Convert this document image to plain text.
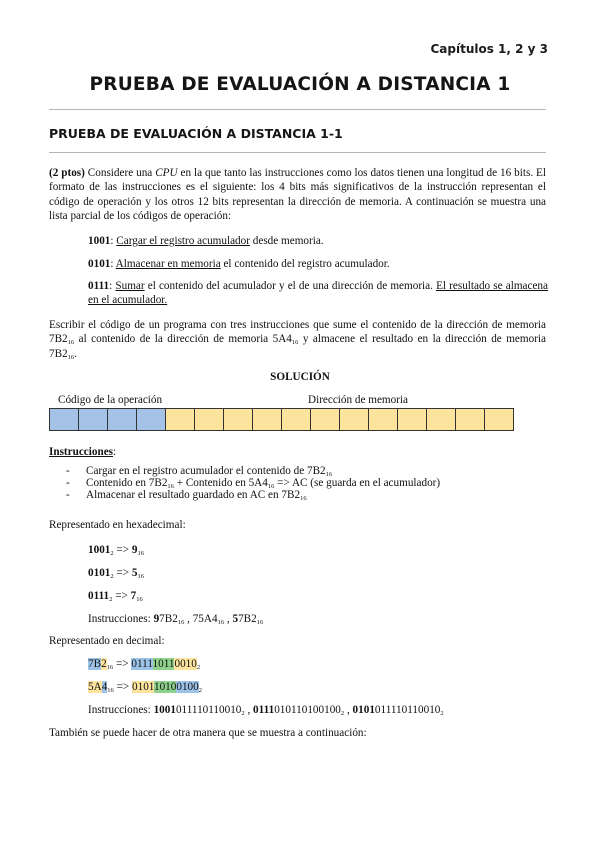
Capítulos 1, 2 y 3
PRUEBA DE EVALUACIÓN A DISTANCIA 1
PRUEBA DE EVALUACIÓN A DISTANCIA 1-1
(2 ptos) Considere una CPU en la que tanto las instrucciones como los datos tienen una longitud de 16 bits. El formato de las instrucciones es el siguiente: los 4 bits más significativos de la instrucción representan el código de operación y los otros 12 bits representan la dirección de memoria. A continuación se muestra una lista parcial de los códigos de operación:
1001: Cargar el registro acumulador desde memoria.
0101: Almacenar en memoria el contenido del registro acumulador.
0111: Sumar el contenido del acumulador y el de una dirección de memoria. El resultado se almacena en el acumulador.
Escribir el código de un programa con tres instrucciones que sume el contenido de la dirección de memoria $7B2_{16}$ al contenido de la dirección de memoria $5A4_{16}$ y almacene el resultado en la dirección de memoria $7B2_{16}$.
SOLUCIÓN
Código de la operación	Dirección de memoria
Instrucciones:
-	Cargar en el registro acumulador el contenido de $7B2_{16}$
-	Contenido en $7B2_{16}$ + Contenido en $5A4_{16}$ => AC (se guarda en el acumulador)
-	Almacenar el resultado guardado en AC en $7B2_{16}$
Representado en hexadecimal:
$1001_2 => 9_{16}$
$0101_2 => 5_{16}$
$0111_2 => 7_{16}$
Instrucciones: $97B2_{16}$ , $75A4_{16}$ , $57B2_{16}$
Representado en decimal:
$7B2_{16} => 011110110010_2$
$5A4_{16} => 010110100100_2$
Instrucciones: $1001011110110010_2$ , $0111010110100100_2$ , $0101011110110010_2$
También se puede hacer de otra manera que se muestra a continuación:
